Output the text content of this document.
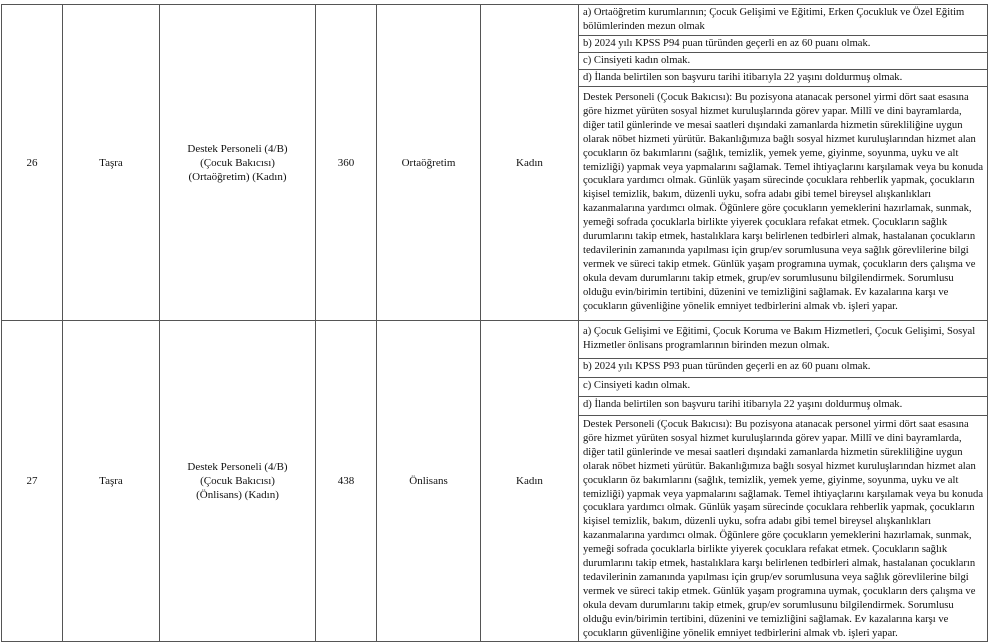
26	Taşra	Destek Personeli (4/B)
(Çocuk Bakıcısı)
(Ortaöğretim) (Kadın)	360	Ortaöğretim	Kadın	a) Ortaöğretim kurumlarının; Çocuk Gelişimi ve Eğitimi, Erken Çocukluk ve Özel Eğitim bölümlerinden mezun olmak
						b) 2024 yılı KPSS P94 puan türünden geçerli en az 60 puanı olmak.
						c) Cinsiyeti kadın olmak.
						d) İlanda belirtilen son başvuru tarihi itibarıyla 22 yaşını doldurmuş olmak.
						Destek Personeli (Çocuk Bakıcısı): Bu pozisyona atanacak personel yirmi dört saat esasına göre hizmet yürüten sosyal hizmet kuruluşlarında görev yapar. Millî ve dini bayramlarda, diğer tatil günlerinde ve mesai saatleri dışındaki zamanlarda hizmetin sürekliliğine uygun olarak nöbet hizmeti yürütür. Bakanlığımıza bağlı sosyal hizmet kuruluşlarından hizmet alan çocukların öz bakımlarını (sağlık, temizlik, yemek yeme, giyinme, soyunma, uyku ve alt temizliği) yapmak veya yapmalarını sağlamak. Temel ihtiyaçlarını karşılamak veya bu konuda çocuklara yardımcı olmak. Günlük yaşam sürecinde çocuklara rehberlik yapmak, çocukların kişisel temizlik, bakım, düzenli uyku, sofra adabı gibi temel bireysel alışkanlıkları kazanmalarına yardımcı olmak. Öğünlere göre çocukların yemeklerini hazırlamak, sunmak, yemeği sofrada çocuklarla birlikte yiyerek çocuklara refakat etmek. Çocukların sağlık durumlarını takip etmek, hastalıklara karşı belirlenen tedbirleri almak, hastalanan çocukların tedavilerinin zamanında yapılması için grup/ev sorumlusuna veya sağlık görevlilerine bilgi vermek ve süreci takip etmek. Günlük yaşam programına uymak, çocukların ders çalışma ve okula devam durumlarını takip etmek, grup/ev sorumlusunu bilgilendirmek. Sorumlusu olduğu evin/birimin tertibini, düzenini ve temizliğini sağlamak. Ev kazalarına karşı ve çocukların güvenliğine yönelik emniyet tedbirlerini almak vb. işleri yapar.
27	Taşra	Destek Personeli (4/B)
(Çocuk Bakıcısı)
(Önlisans) (Kadın)	438	Önlisans	Kadın	a) Çocuk Gelişimi ve Eğitimi, Çocuk Koruma ve Bakım Hizmetleri, Çocuk Gelişimi, Sosyal Hizmetler önlisans programlarının birinden mezun olmak.
						b) 2024 yılı KPSS P93 puan türünden geçerli en az 60 puanı olmak.
						c) Cinsiyeti kadın olmak.
						d) İlanda belirtilen son başvuru tarihi itibarıyla 22 yaşını doldurmuş olmak.
						Destek Personeli (Çocuk Bakıcısı): Bu pozisyona atanacak personel yirmi dört saat esasına göre hizmet yürüten sosyal hizmet kuruluşlarında görev yapar. Millî ve dini bayramlarda, diğer tatil günlerinde ve mesai saatleri dışındaki zamanlarda hizmetin sürekliliğine uygun olarak nöbet hizmeti yürütür. Bakanlığımıza bağlı sosyal hizmet kuruluşlarından hizmet alan çocukların öz bakımlarını (sağlık, temizlik, yemek yeme, giyinme, soyunma, uyku ve alt temizliği) yapmak veya yapmalarını sağlamak. Temel ihtiyaçlarını karşılamak veya bu konuda çocuklara yardımcı olmak. Günlük yaşam sürecinde çocuklara rehberlik yapmak, çocukların kişisel temizlik, bakım, düzenli uyku, sofra adabı gibi temel bireysel alışkanlıkları kazanmalarına yardımcı olmak. Öğünlere göre çocukların yemeklerini hazırlamak, sunmak, yemeği sofrada çocuklarla birlikte yiyerek çocuklara refakat etmek. Çocukların sağlık durumlarını takip etmek, hastalıklara karşı belirlenen tedbirleri almak, hastalanan çocukların tedavilerinin zamanında yapılması için grup/ev sorumlusuna veya sağlık görevlilerine bilgi vermek ve süreci takip etmek. Günlük yaşam programına uymak, çocukların ders çalışma ve okula devam durumlarını takip etmek, grup/ev sorumlusunu bilgilendirmek. Sorumlusu olduğu evin/birimin tertibini, düzenini ve temizliğini sağlamak. Ev kazalarına karşı ve çocukların güvenliğine yönelik emniyet tedbirlerini almak vb. işleri yapar.
